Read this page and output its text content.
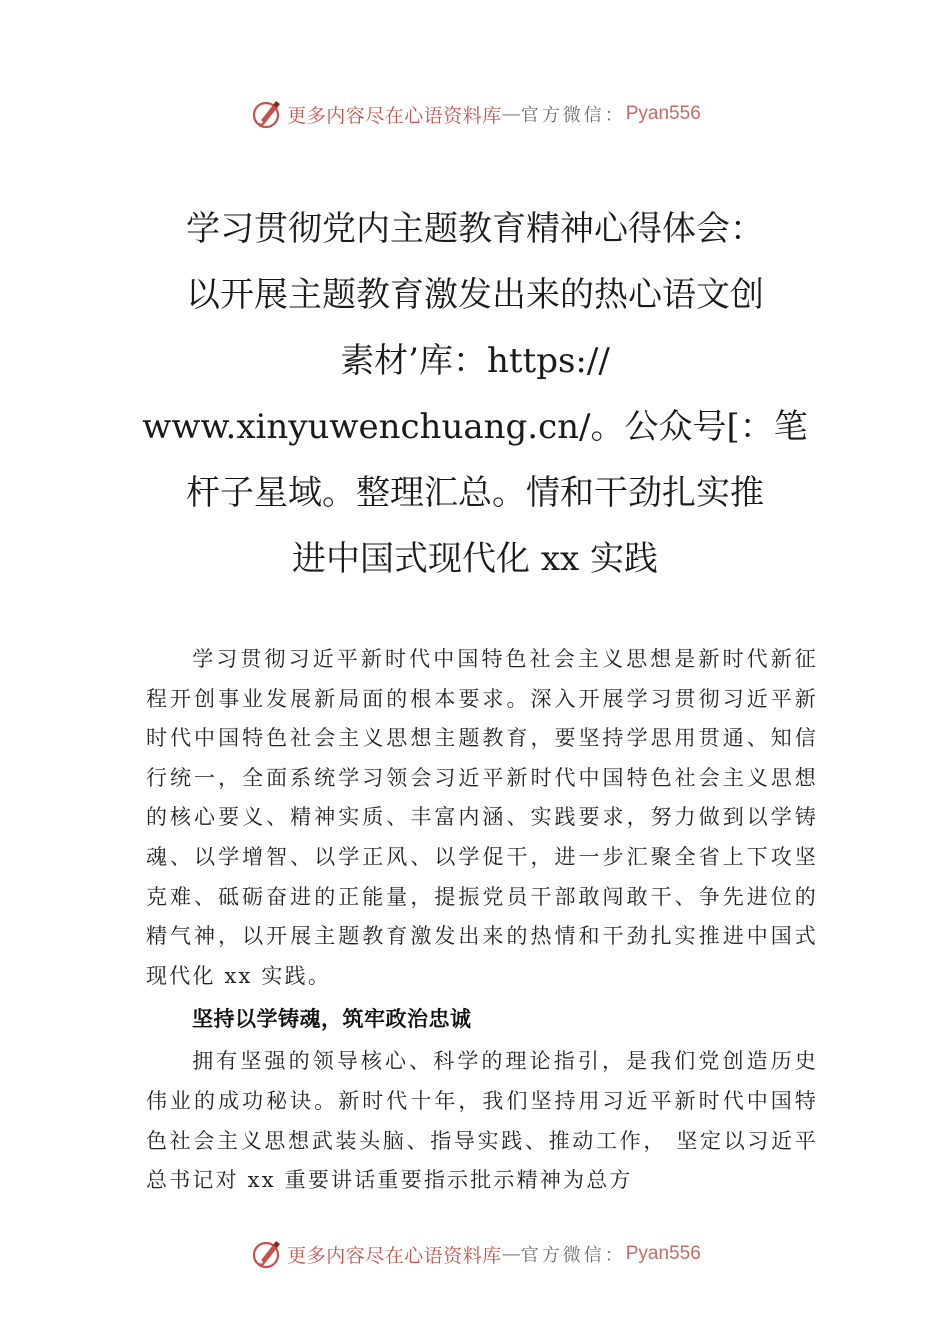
更多内容尽在心语资料库 — 官方微信： Pyan556
学习贯彻党内主题教育精神心得体会：
以开展主题教育激发出来的热心语文创
素材’库：https://
www.xinyuwenchuang.cn/。公众号[：笔
杆子星域。整理汇总。情和干劲扎实推
进中国式现代化 xx 实践

学习贯彻习近平新时代中国特色社会主义思想是新时代新征程开创事业发展新局面的根本要求。深入开展学习贯彻习近平新时代中国特色社会主义思想主题教育，要坚持学思用贯通、知信行统一，全面系统学习领会习近平新时代中国特色社会主义思想的核心要义、精神实质、丰富内涵、实践要求，努力做到以学铸魂、以学增智、以学正风、以学促干，进一步汇聚全省上下攻坚克难、砥砺奋进的正能量，提振党员干部敢闯敢干、争先进位的精气神，以开展主题教育激发出来的热情和干劲扎实推进中国式现代化 xx 实践。

坚持以学铸魂，筑牢政治忠诚

拥有坚强的领导核心、科学的理论指引，是我们党创造历史伟业的成功秘诀。新时代十年，我们坚持用习近平新时代中国特色社会主义思想武装头脑、指导实践、推动工作， 坚定以习近平总书记对 xx 重要讲话重要指示批示精神为总方

更多内容尽在心语资料库 — 官方微信： Pyan556
